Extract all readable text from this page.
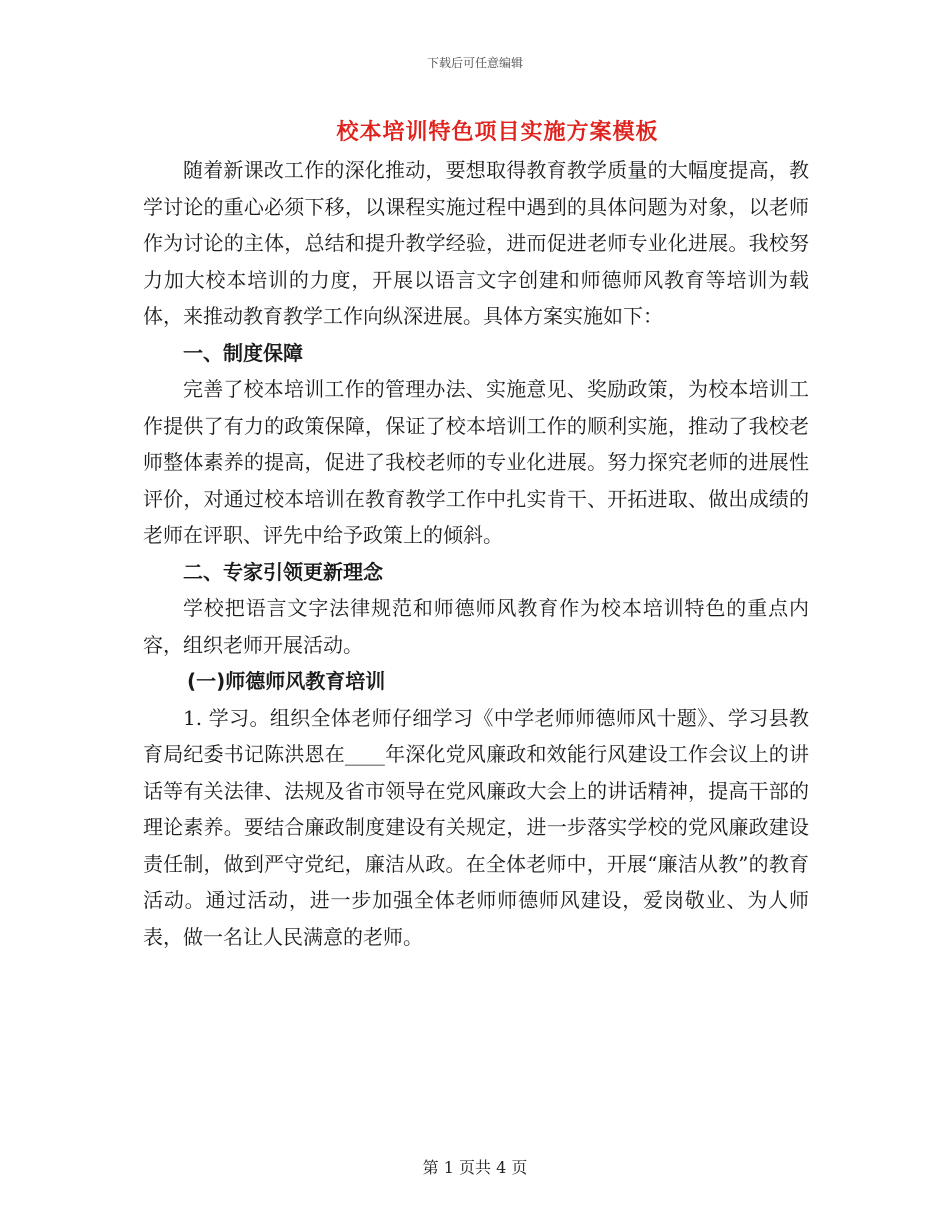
下载后可任意编辑
校本培训特色项目实施方案模板

随着新课改工作的深化推动，要想取得教育教学质量的大幅度提高，教学讨论的重心必须下移，以课程实施过程中遇到的具体问题为对象，以老师作为讨论的主体，总结和提升教学经验，进而促进老师专业化进展。我校努力加大校本培训的力度，开展以语言文字创建和师德师风教育等培训为载体，来推动教育教学工作向纵深进展。具体方案实施如下：

一、制度保障

完善了校本培训工作的管理办法、实施意见、奖励政策，为校本培训工作提供了有力的政策保障，保证了校本培训工作的顺利实施，推动了我校老师整体素养的提高，促进了我校老师的专业化进展。努力探究老师的进展性评价，对通过校本培训在教育教学工作中扎实肯干、开拓进取、做出成绩的老师在评职、评先中给予政策上的倾斜。

二、专家引领更新理念

学校把语言文字法律规范和师德师风教育作为校本培训特色的重点内容，组织老师开展活动。

(一)师德师风教育培训

1. 学习。组织全体老师仔细学习《中学老师师德师风十题》、学习县教育局纪委书记陈洪恩在____年深化党风廉政和效能行风建设工作会议上的讲话等有关法律、法规及省市领导在党风廉政大会上的讲话精神，提高干部的理论素养。要结合廉政制度建设有关规定，进一步落实学校的党风廉政建设责任制，做到严守党纪，廉洁从政。在全体老师中，开展“廉洁从教”的教育活动。通过活动，进一步加强全体老师师德师风建设，爱岗敬业、为人师表，做一名让人民满意的老师。

第 1 页共 4 页
